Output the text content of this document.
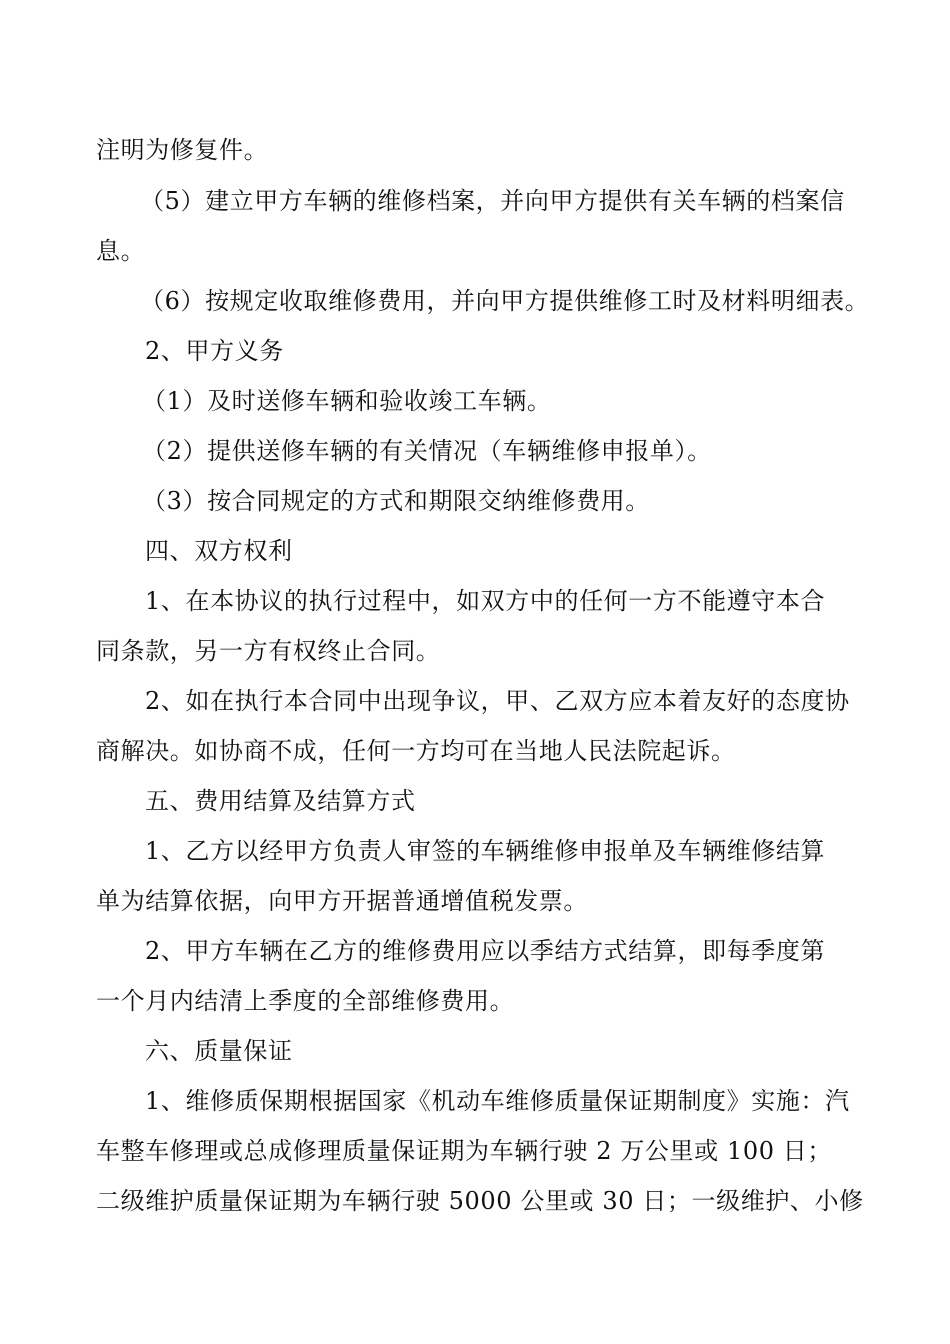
注明为修复件。
（5）建立甲方车辆的维修档案，并向甲方提供有关车辆的档案信
息。
（6）按规定收取维修费用，并向甲方提供维修工时及材料明细表。
2、甲方义务
（1）及时送修车辆和验收竣工车辆。
（2）提供送修车辆的有关情况（车辆维修申报单）。
（3）按合同规定的方式和期限交纳维修费用。
四、双方权利
1、在本协议的执行过程中，如双方中的任何一方不能遵守本合
同条款，另一方有权终止合同。
2、如在执行本合同中出现争议，甲、乙双方应本着友好的态度协
商解决。如协商不成，任何一方均可在当地人民法院起诉。
五、费用结算及结算方式
1、乙方以经甲方负责人审签的车辆维修申报单及车辆维修结算
单为结算依据，向甲方开据普通增值税发票。
2、甲方车辆在乙方的维修费用应以季结方式结算，即每季度第
一个月内结清上季度的全部维修费用。
六、质量保证
1、维修质保期根据国家《机动车维修质量保证期制度》实施：汽
车整车修理或总成修理质量保证期为车辆行驶 2 万公里或 100 日；
二级维护质量保证期为车辆行驶 5000 公里或 30 日；一级维护、小修
